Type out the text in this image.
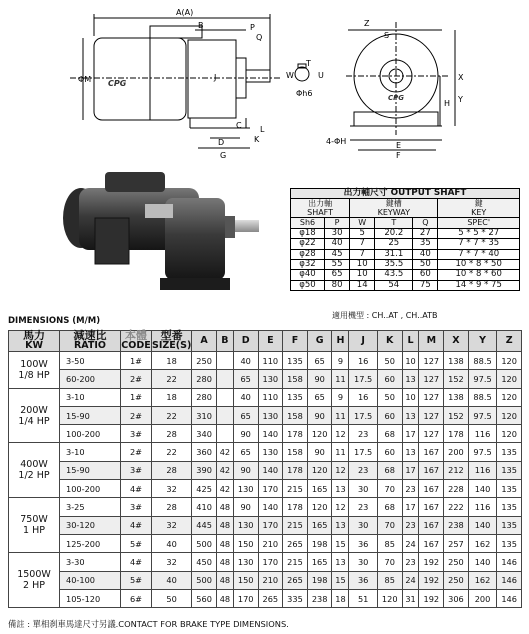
A(A)
B	P
Q
ΦM	J
D
G
K
L
C
Z
S
T
U
W
Φh6
Y
X
H
E
F
4-ΦH
CPG
CPG
出力軸尺寸 OUTPUT SHAFT					
出力軸
SHAFT		鍵槽
KEYWAY			鍵
KEY
Sh6	P	W	T	Q	SPEC'
φ18	30	5	20.2	27	5 * 5 * 27
φ22	40	7	25	35	7 * 7 * 35
φ28	45	7	31.1	40	7 * 7 * 40
φ32	55	10	35.5	50	10 * 8 * 50
φ40	65	10	43.5	60	10 * 8 * 60
φ50	80	14	54	75	14 * 9 * 75
適用機型 : CH..AT , CH..ATB
DIMENSIONS (M/M)
馬力
KW	減速比
RATIO	本體
CODE	型番
SIZE(S)	A	B	D	E	F	G	H	J	K	L	M	X	Y	Z

100W
1/8 HP	3-50	1#	18	250		40	110	135	65	9	16	50	10	127	138	88.5	120
	60-200	2#	22	280		65	130	158	90	11	17.5	60	13	127	152	97.5	120

200W
1/4 HP	3-10	1#	18	280		40	110	135	65	9	16	50	10	127	138	88.5	120
	15-90	2#	22	310		65	130	158	90	11	17.5	60	13	127	152	97.5	120
	100-200	3#	28	340		90	140	178	120	12	23	68	17	127	178	116	120

400W
1/2 HP	3-10	2#	22	360	42	65	130	158	90	11	17.5	60	13	167	200	97.5	135
	15-90	3#	28	390	42	90	140	178	120	12	23	68	17	167	212	116	135
	100-200	4#	32	425	42	130	170	215	165	13	30	70	23	167	228	140	135

750W
1 HP	3-25	3#	28	410	48	90	140	178	120	12	23	68	17	167	222	116	135
	30-120	4#	32	445	48	130	170	215	165	13	30	70	23	167	238	140	135
	125-200	5#	40	500	48	150	210	265	198	15	36	85	24	167	257	162	135

1500W
2 HP	3-30	4#	32	450	48	130	170	215	165	13	30	70	23	192	250	140	146
	40-100	5#	40	500	48	150	210	265	198	15	36	85	24	192	250	162	146
	105-120	6#	50	560	48	170	265	335	238	18	51	120	31	192	306	200	146
備註 : 單相刹車馬達尺寸另議.CONTACT FOR BRAKE TYPE DIMENSIONS.
